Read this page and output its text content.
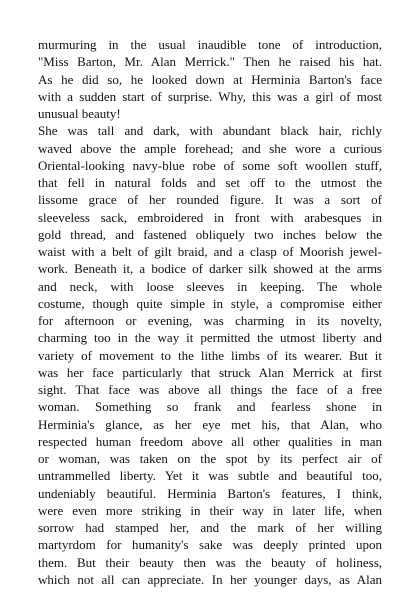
murmuring in the usual inaudible tone of introduction,
"Miss Barton, Mr. Alan Merrick." Then he raised his hat.
As he did so, he looked down at Herminia Barton's face
with a sudden start of surprise. Why, this was a girl of most
unusual beauty!
She was tall and dark, with abundant black hair, richly
waved above the ample forehead; and she wore a curious
Oriental-looking navy-blue robe of some soft woollen stuff,
that fell in natural folds and set off to the utmost the
lissome grace of her rounded figure. It was a sort of
sleeveless sack, embroidered in front with arabesques in
gold thread, and fastened obliquely two inches below the
waist with a belt of gilt braid, and a clasp of Moorish jewel-
work. Beneath it, a bodice of darker silk showed at the arms
and neck, with loose sleeves in keeping. The whole
costume, though quite simple in style, a compromise either
for afternoon or evening, was charming in its novelty,
charming too in the way it permitted the utmost liberty and
variety of movement to the lithe limbs of its wearer. But it
was her face particularly that struck Alan Merrick at first
sight. That face was above all things the face of a free
woman. Something so frank and fearless shone in
Herminia's glance, as her eye met his, that Alan, who
respected human freedom above all other qualities in man
or woman, was taken on the spot by its perfect air of
untrammelled liberty. Yet it was subtle and beautiful too,
undeniably beautiful. Herminia Barton's features, I think,
were even more striking in their way in later life, when
sorrow had stamped her, and the mark of her willing
martyrdom for humanity's sake was deeply printed upon
them. But their beauty then was the beauty of holiness,
which not all can appreciate. In her younger days, as Alan
